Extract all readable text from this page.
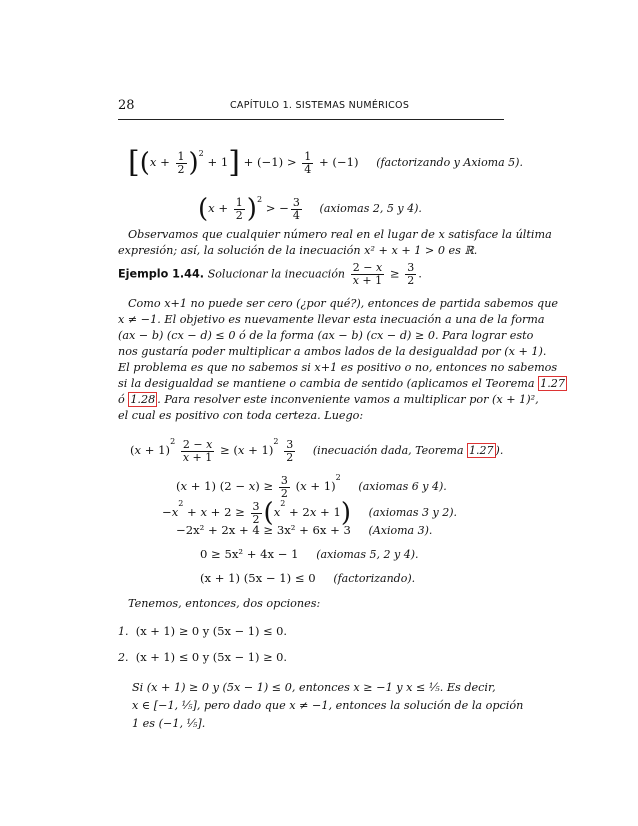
28	CAPÍTULO 1. SISTEMAS NUMÉRICOS
$[(x + \frac{1}{2} )^2 + 1] + (-1) > \frac{1}{4} + (-1)$ (factorizando y Axioma 5).
$(x + \frac{1}{2} )^2$ > − $\frac{3}{4}$ (axiomas 2, 5 y 4).
Observamos que cualquier número real en el lugar de x satisface la última
expresión; así, la solución de la inecuación x² + x + 1 > 0 es ℝ.
Ejemplo 1.44. Solucionar la inecuación $\frac{2 - x}{x + 1} \ge \frac{3}{2}$ .
Como x+1 no puede ser cero (¿por qué?), entonces de partida sabemos que
x ≠ −1. El objetivo es nuevamente llevar esta inecuación a una de la forma
(ax − b) (cx − d) ≤ 0 ó de la forma (ax − b) (cx − d) ≥ 0. Para lograr esto
nos gustaría poder multiplicar a ambos lados de la desigualdad por (x + 1).
El problema es que no sabemos si x+1 es positivo o no, entonces no sabemos
si la desigualdad se mantiene o cambia de sentido (aplicamos el Teorema 1.27
ó 1.28 . Para resolver este inconveniente vamos a multiplicar por (x + 1)²,
el cual es positivo con toda certeza. Luego:
$(x + 1)^2 \frac{2 - x}{x + 1} \ge (x + 1)^2 \frac{3}{2}$ (inecuación dada, Teorema 1.27 ).
(x + 1) $(2 - x) \ge \frac{3}{2} (x + 1)^2$ (axiomas 6 y 4).
$-x^2 + x + 2 \ge \frac{3}{2} (x^2 + 2x + 1)$ (axiomas 3 y 2).
−2x² + 2x + 4 ≥ 3x² + 6x + 3 (Axioma 3).
0 ≥ 5x² + 4x − 1 (axiomas 5, 2 y 4).
(x + 1) (5x − 1) ≤ 0 (factorizando).
Tenemos, entonces, dos opciones:
1. (x + 1) ≥ 0 y (5x − 1) ≤ 0.
2. (x + 1) ≤ 0 y (5x − 1) ≥ 0.
Si (x + 1) ≥ 0 y (5x − 1) ≤ 0, entonces x ≥ −1 y x ≤ ⅕. Es decir,
x ∈ [−1, ⅕], pero dado que x ≠ −1, entonces la solución de la opción
1 es (−1, ⅕].
